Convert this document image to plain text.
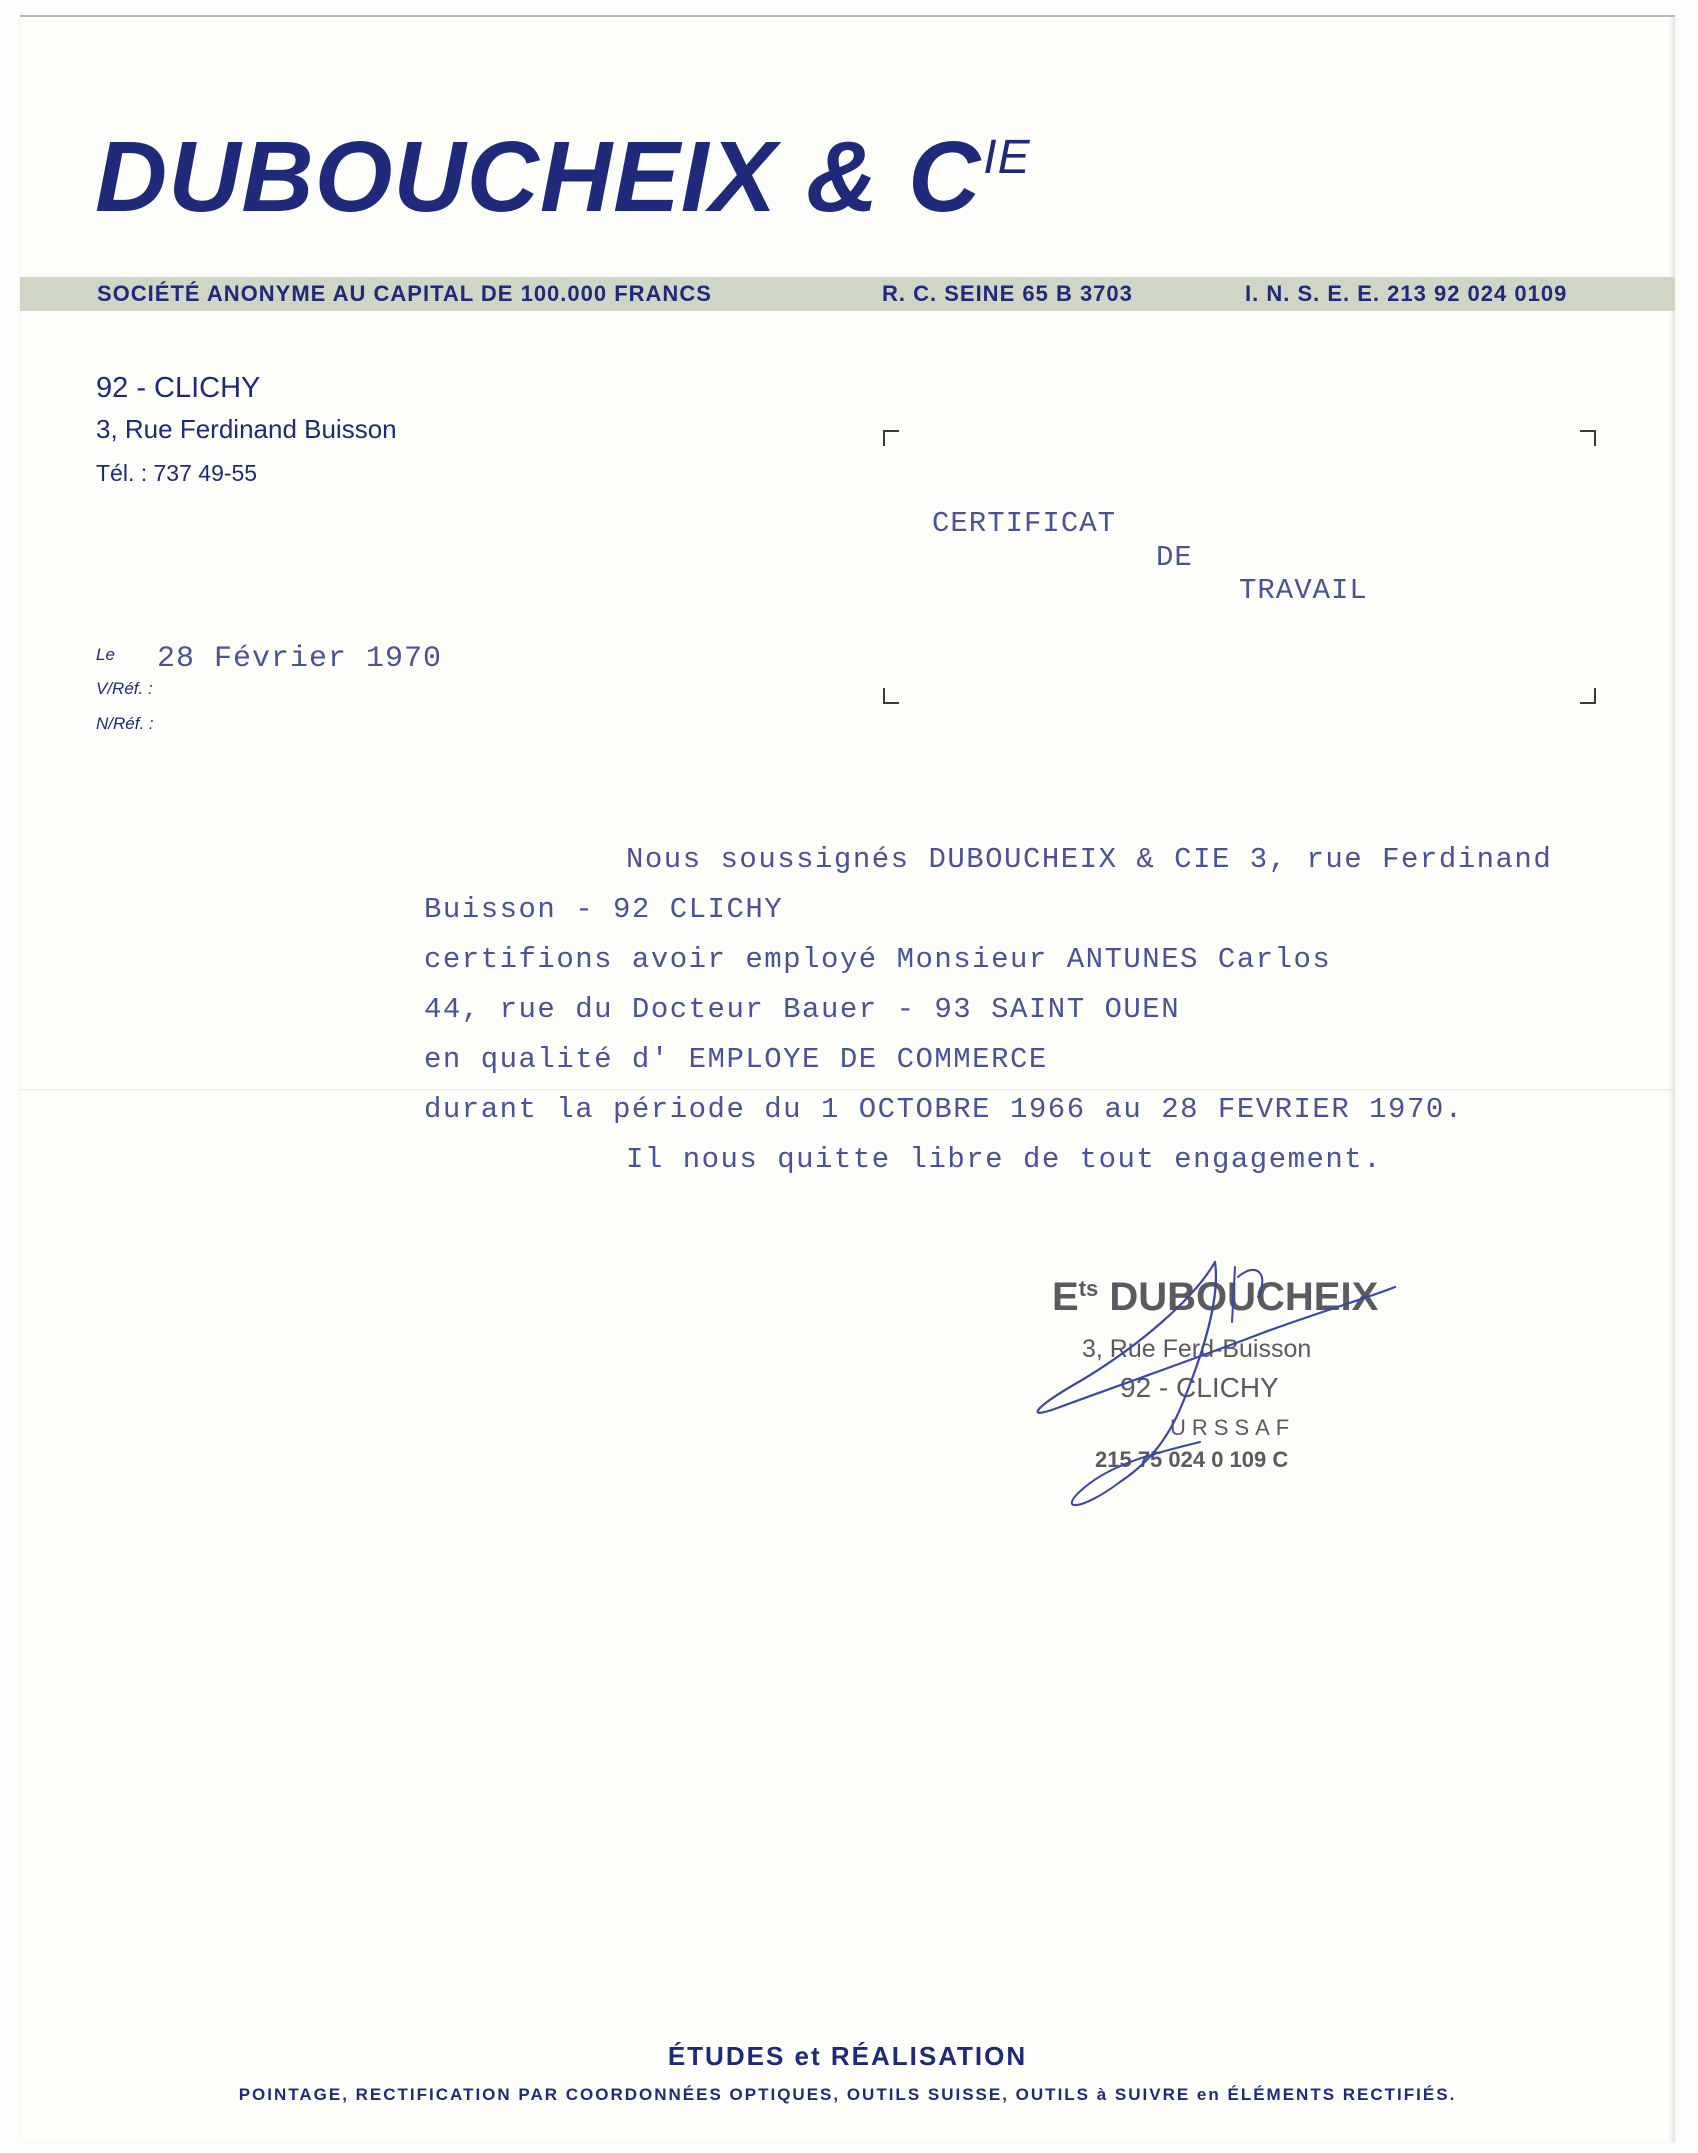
DUBOUCHEIX & $C^{IE}$
SOCIÉTÉ ANONYME AU CAPITAL DE 100.000 FRANCS	R. C. SEINE 65 B 3703	I. N. S. E. E. 213 92 024 0109
92 - CLICHY
3, Rue Ferdinand Buisson
Tél. : 737 49-55
Le 28 Février 1970
V/Réf. :
N/Réf. :
CERTIFICAT
DE
TRAVAIL
Nous soussignés DUBOUCHEIX & CIE 3, rue Ferdinand
Buisson - 92 CLICHY
certifions avoir employé Monsieur ANTUNES Carlos
44, rue du Docteur Bauer - 93 SAINT OUEN
en qualité d' EMPLOYE DE COMMERCE
durant la période du 1 OCTOBRE 1966 au 28 FEVRIER 1970.
Il nous quitte libre de tout engagement.
$E^{ts}$ DUBOUCHEIX
3, Rue Ferd-Buisson
92 - CLICHY
URSSAF
215 75 024 0 109 C
ÉTUDES et RÉALISATION
POINTAGE, RECTIFICATION PAR COORDONNÉES OPTIQUES, OUTILS SUISSE, OUTILS à SUIVRE en ÉLÉMENTS RECTIFIÉS.
